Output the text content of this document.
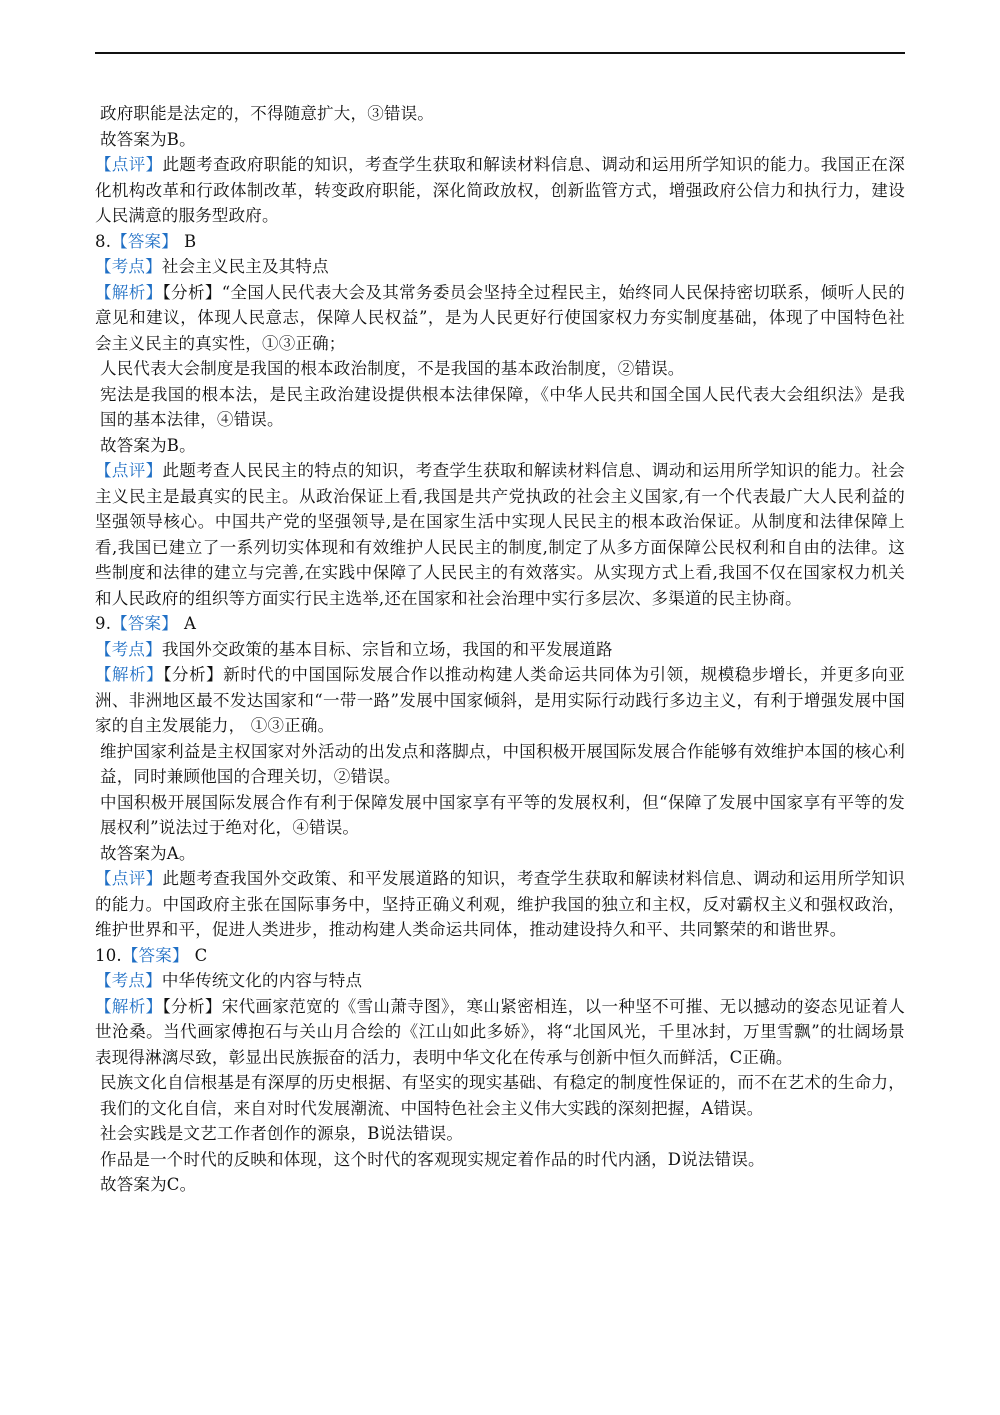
政府职能是法定的，不得随意扩大，③错误。

故答案为B。

【点评】此题考查政府职能的知识，考查学生获取和解读材料信息、调动和运用所学知识的能力。我国正在深化机构改革和行政体制改革，转变政府职能，深化简政放权，创新监管方式，增强政府公信力和执行力，建设人民满意的服务型政府。

8.【答案】 B

【考点】社会主义民主及其特点

【解析】【分析】“全国人民代表大会及其常务委员会坚持全过程民主，始终同人民保持密切联系，倾听人民的意见和建议，体现人民意志，保障人民权益”，是为人民更好行使国家权力夯实制度基础，体现了中国特色社会主义民主的真实性，①③正确；

人民代表大会制度是我国的根本政治制度，不是我国的基本政治制度，②错误。

宪法是我国的根本法，是民主政治建设提供根本法律保障，《中华人民共和国全国人民代表大会组织法》是我国的基本法律，④错误。

故答案为B。

【点评】此题考查人民民主的特点的知识，考查学生获取和解读材料信息、调动和运用所学知识的能力。社会主义民主是最真实的民主。从政治保证上看,我国是共产党执政的社会主义国家,有一个代表最广大人民利益的坚强领导核心。中国共产党的坚强领导,是在国家生活中实现人民民主的根本政治保证。从制度和法律保障上看,我国已建立了一系列切实体现和有效维护人民民主的制度,制定了从多方面保障公民权利和自由的法律。这些制度和法律的建立与完善,在实践中保障了人民民主的有效落实。从实现方式上看,我国不仅在国家权力机关和人民政府的组织等方面实行民主选举,还在国家和社会治理中实行多层次、多渠道的民主协商。

9.【答案】 A

【考点】我国外交政策的基本目标、宗旨和立场，我国的和平发展道路

【解析】【分析】新时代的中国国际发展合作以推动构建人类命运共同体为引领，规模稳步增长，并更多向亚洲、非洲地区最不发达国家和“一带一路”发展中国家倾斜，是用实际行动践行多边主义，有利于增强发展中国家的自主发展能力， ①③正确。

维护国家利益是主权国家对外活动的出发点和落脚点，中国积极开展国际发展合作能够有效维护本国的核心利益，同时兼顾他国的合理关切，②错误。

中国积极开展国际发展合作有利于保障发展中国家享有平等的发展权利，但“保障了发展中国家享有平等的发展权利”说法过于绝对化，④错误。

故答案为A。

【点评】此题考查我国外交政策、和平发展道路的知识，考查学生获取和解读材料信息、调动和运用所学知识的能力。中国政府主张在国际事务中，坚持正确义利观，维护我国的独立和主权，反对霸权主义和强权政治，维护世界和平，促进人类进步，推动构建人类命运共同体，推动建设持久和平、共同繁荣的和谐世界。

10.【答案】 C

【考点】中华传统文化的内容与特点

【解析】【分析】宋代画家范宽的《雪山萧寺图》，寒山紧密相连，以一种坚不可摧、无以撼动的姿态见证着人世沧桑。当代画家傅抱石与关山月合绘的《江山如此多娇》，将“北国风光，千里冰封，万里雪飘”的壮阔场景表现得淋漓尽致，彰显出民族振奋的活力，表明中华文化在传承与创新中恒久而鲜活，C正确。

民族文化自信根基是有深厚的历史根据、有坚实的现实基础、有稳定的制度性保证的，而不在艺术的生命力，我们的文化自信，来自对时代发展潮流、中国特色社会主义伟大实践的深刻把握，A错误。

社会实践是文艺工作者创作的源泉，B说法错误。

作品是一个时代的反映和体现，这个时代的客观现实规定着作品的时代内涵，D说法错误。

故答案为C。
